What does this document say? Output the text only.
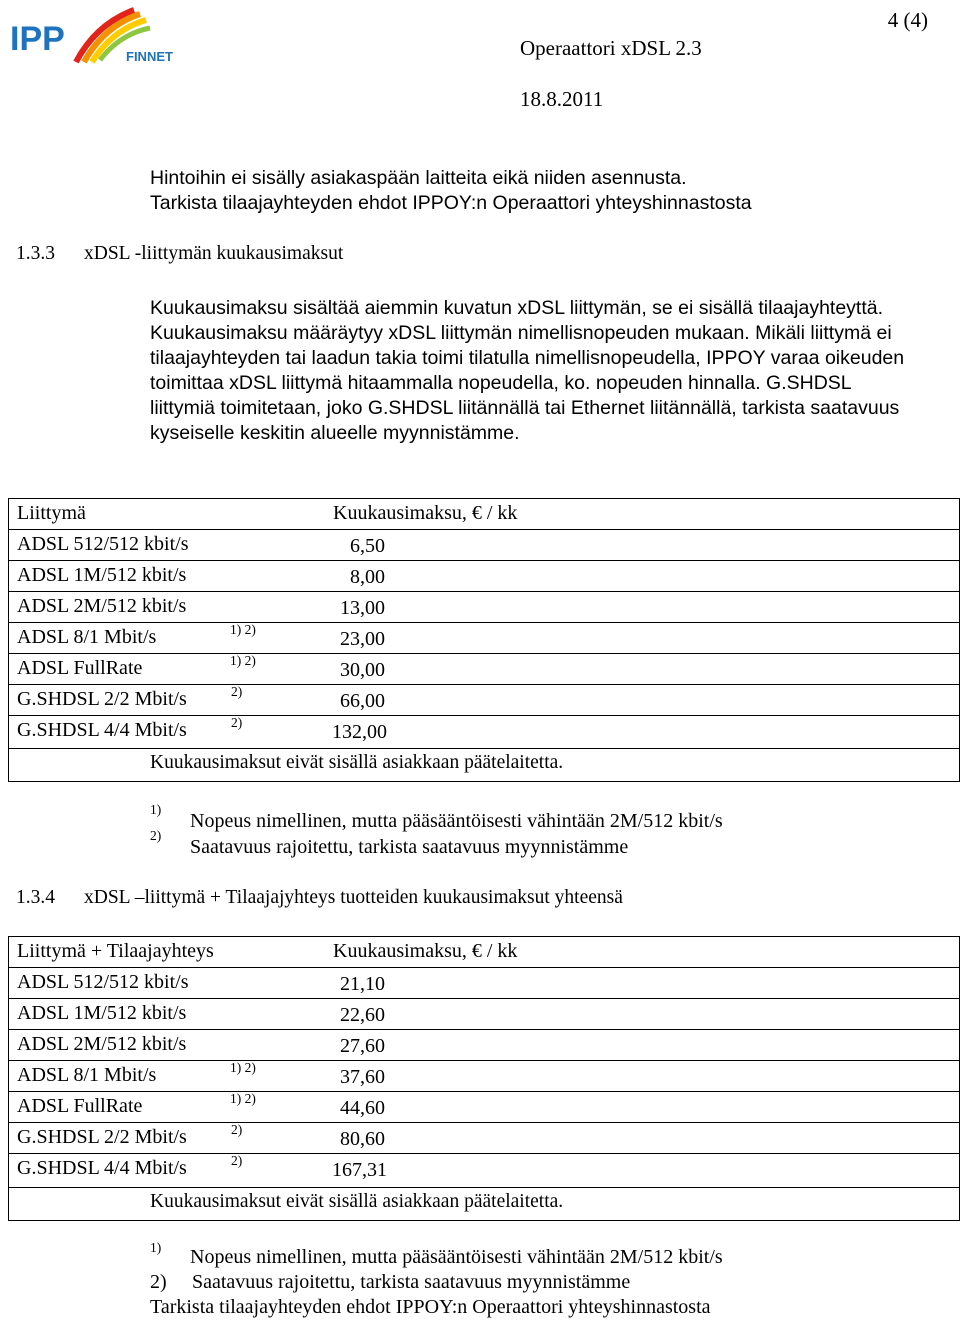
IPP	FINNET
4 (4)
Operaattori xDSL 2.3
18.8.2011
Hintoihin ei sisälly asiakaspään laitteita eikä niiden asennusta.
Tarkista tilaajayhteyden ehdot IPPOY:n Operaattori yhteyshinnastosta
1.3.3 xDSL -liittymän kuukausimaksut
Kuukausimaksu sisältää aiemmin kuvatun xDSL liittymän, se ei sisällä tilaajayhteyttä.
Kuukausimaksu määräytyy xDSL liittymän nimellisnopeuden mukaan. Mikäli liittymä ei
tilaajayhteyden tai laadun takia toimi tilatulla nimellisnopeudella, IPPOY varaa oikeuden
toimittaa xDSL liittymä hitaammalla nopeudella, ko. nopeuden hinnalla. G.SHDSL
liittymiä toimitetaan, joko G.SHDSL liitännällä tai Ethernet liitännällä, tarkista saatavuus
kyseiselle keskitin alueelle myynnistämme.
Liittymä	Kuukausimaksu, € / kk
ADSL 512/512 kbit/s	6,50
ADSL 1M/512 kbit/s	8,00
ADSL 2M/512 kbit/s	13,00
ADSL 8/1 Mbit/s	1) 2)	23,00
ADSL FullRate	1) 2)	30,00
G.SHDSL 2/2 Mbit/s	2)	66,00
G.SHDSL 4/4 Mbit/s	2)	132,00
Kuukausimaksut eivät sisällä asiakkaan päätelaitetta.
1)
Nopeus nimellinen, mutta pääsääntöisesti vähintään 2M/512 kbit/s
2)
Saatavuus rajoitettu, tarkista saatavuus myynnistämme
1.3.4 xDSL –liittymä + Tilaajajyhteys tuotteiden kuukausimaksut yhteensä
Liittymä + Tilaajayhteys	Kuukausimaksu, € / kk
ADSL 512/512 kbit/s	21,10
ADSL 1M/512 kbit/s	22,60
ADSL 2M/512 kbit/s	27,60
ADSL 8/1 Mbit/s	1) 2)	37,60
ADSL FullRate	1) 2)	44,60
G.SHDSL 2/2 Mbit/s	2)	80,60
G.SHDSL 4/4 Mbit/s	2)	167,31
Kuukausimaksut eivät sisällä asiakkaan päätelaitetta.
1) Nopeus nimellinen, mutta pääsääntöisesti vähintään 2M/512 kbit/s
2) Saatavuus rajoitettu, tarkista saatavuus myynnistämme
Tarkista tilaajayhteyden ehdot IPPOY:n Operaattori yhteyshinnastosta
